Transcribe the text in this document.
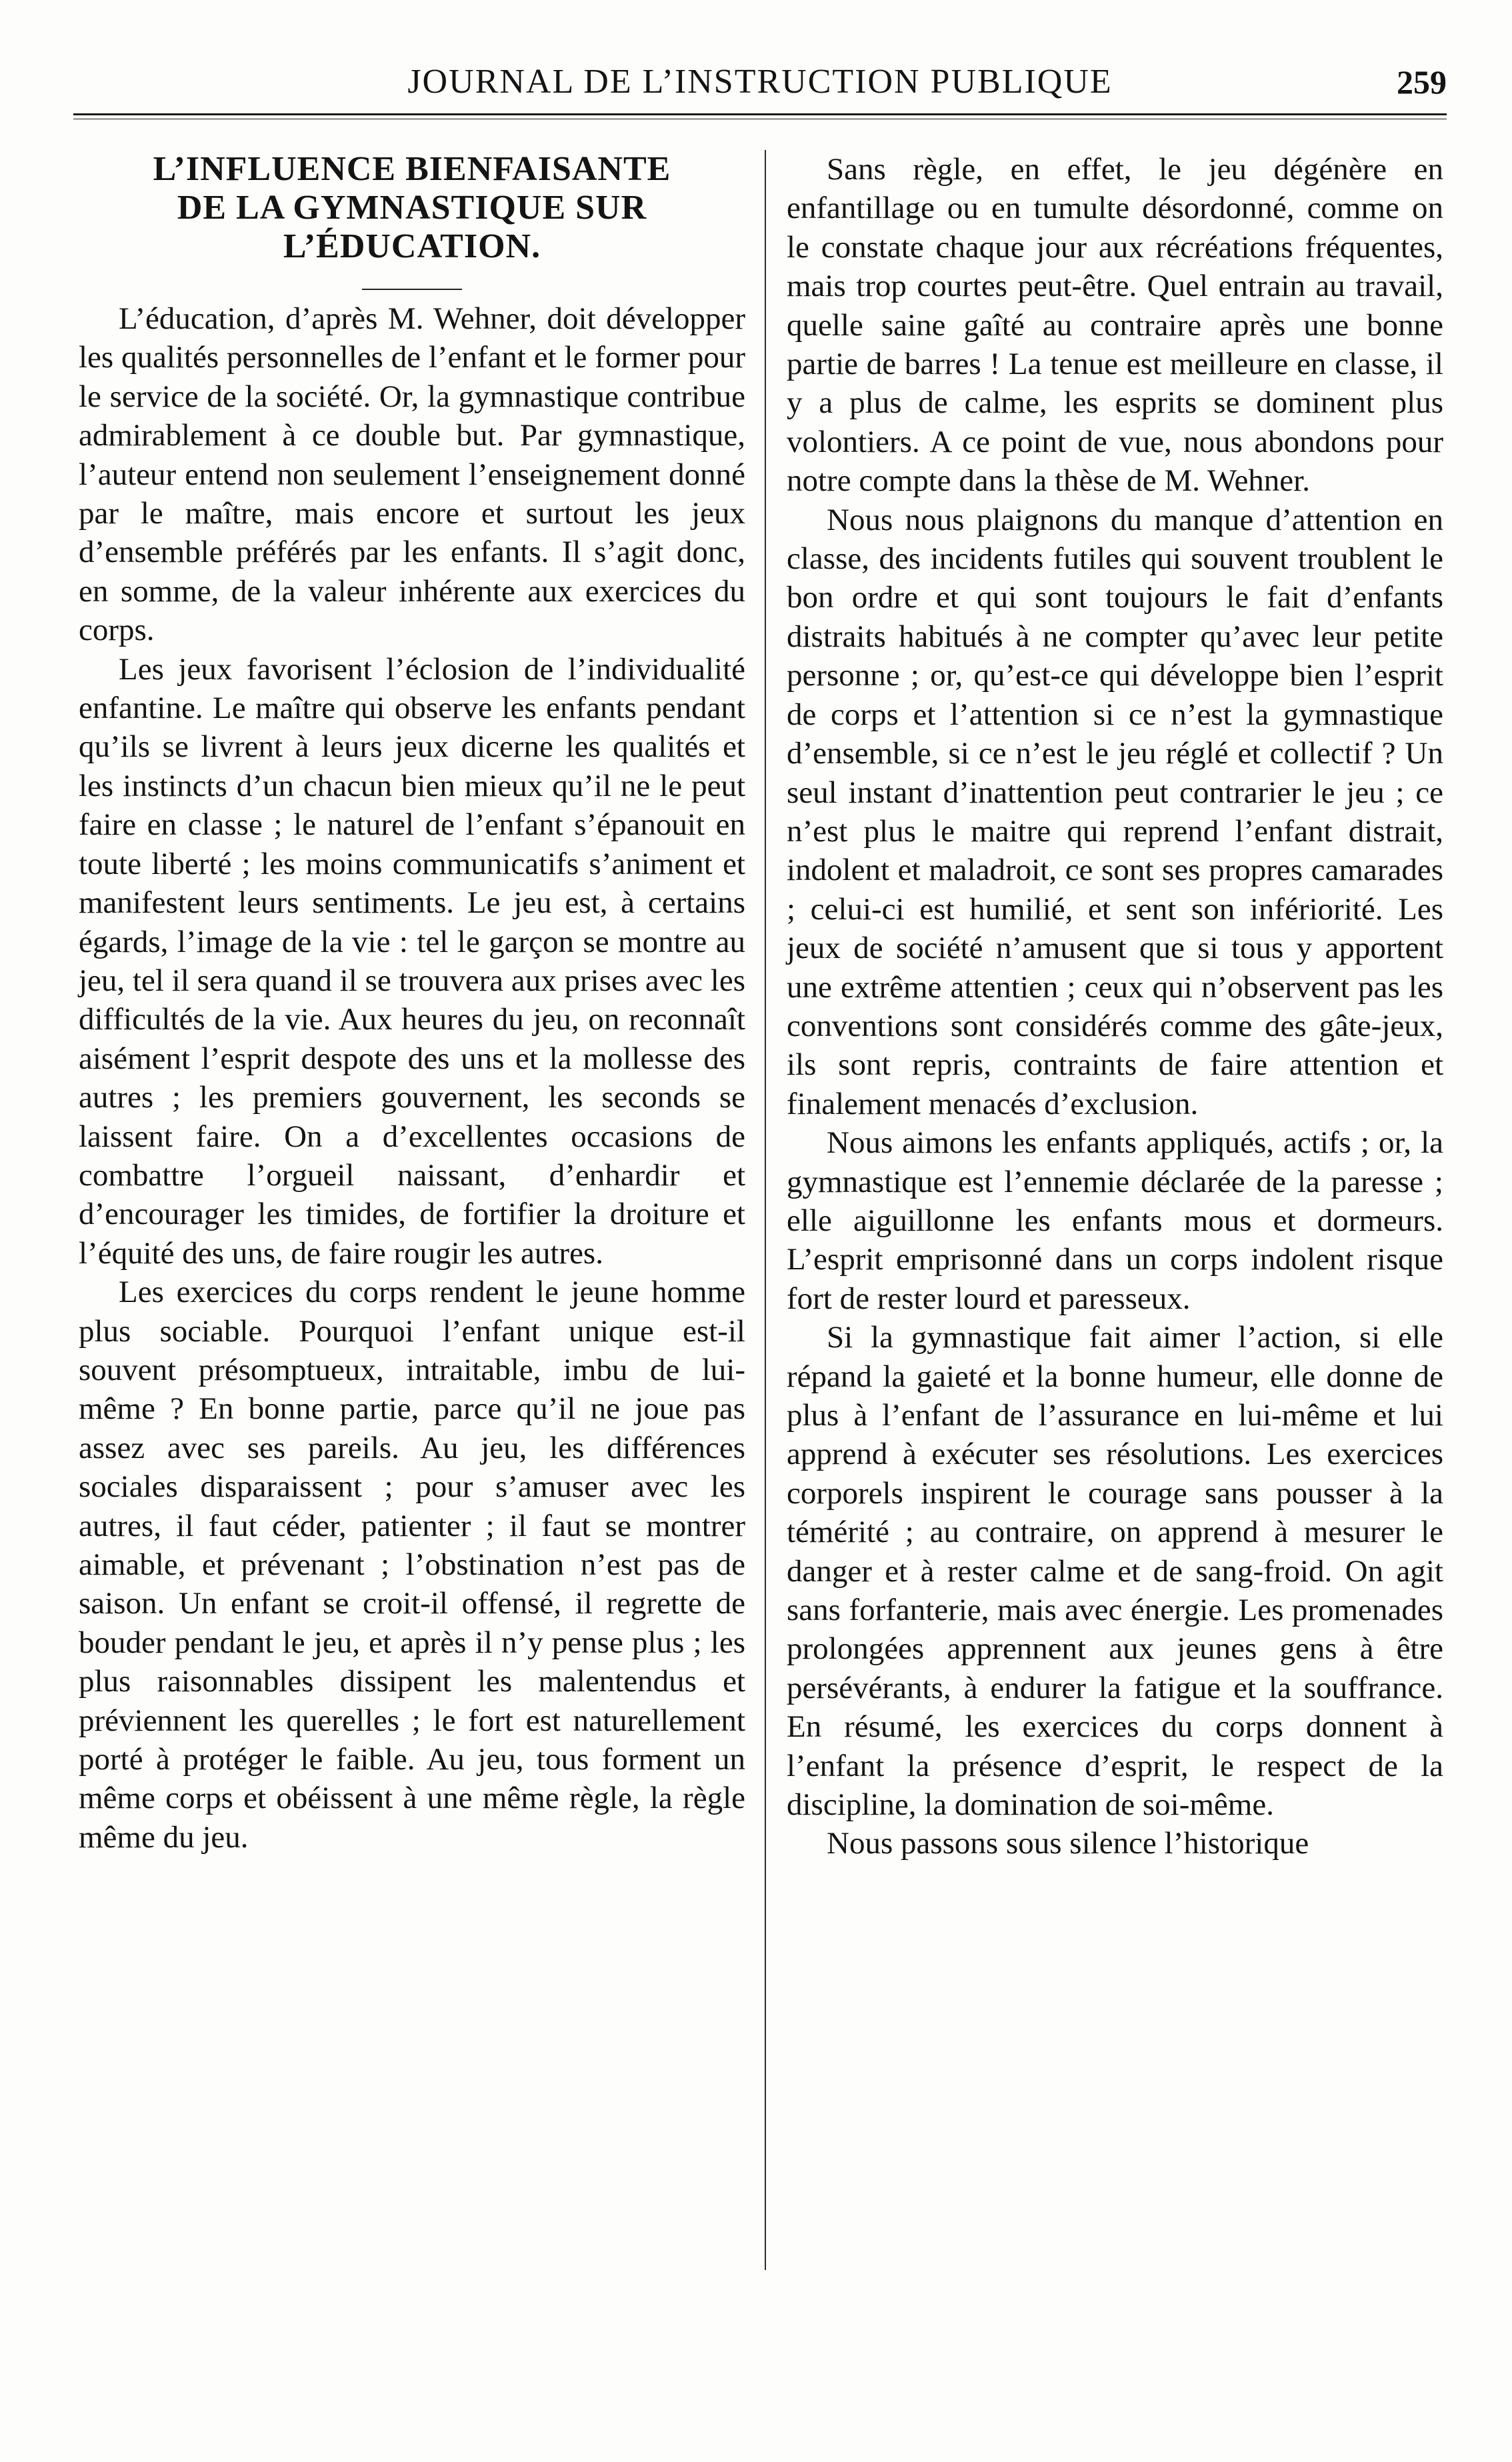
JOURNAL DE L’INSTRUCTION PUBLIQUE	259
L’INFLUENCE BIENFAISANTE
DE LA GYMNASTIQUE SUR
L’ÉDUCATION.

L’éducation, d’après M. Wehner, doit développer les qualités personnelles de l’enfant et le former pour le service de la société. Or, la gymnastique contribue admirablement à ce double but. Par gymnastique, l’auteur entend non seulement l’enseignement donné par le maître, mais encore et surtout les jeux d’ensemble préférés par les enfants. Il s’agit donc, en somme, de la valeur inhérente aux exercices du corps.

Les jeux favorisent l’éclosion de l’individualité enfantine. Le maître qui observe les enfants pendant qu’ils se livrent à leurs jeux dicerne les qualités et les instincts d’un chacun bien mieux qu’il ne le peut faire en classe ; le naturel de l’enfant s’épanouit en toute liberté ; les moins communicatifs s’animent et manifestent leurs sentiments. Le jeu est, à certains égards, l’image de la vie : tel le garçon se montre au jeu, tel il sera quand il se trouvera aux prises avec les difficultés de la vie. Aux heures du jeu, on reconnaît aisément l’esprit despote des uns et la mollesse des autres ; les premiers gouvernent, les seconds se laissent faire. On a d’excellentes occasions de combattre l’orgueil naissant, d’enhardir et d’encourager les timides, de fortifier la droiture et l’équité des uns, de faire rougir les autres.

Les exercices du corps rendent le jeune homme plus sociable. Pourquoi l’enfant unique est-il souvent présomptueux, intraitable, imbu de lui-même ? En bonne partie, parce qu’il ne joue pas assez avec ses pareils. Au jeu, les différences sociales disparaissent ; pour s’amuser avec les autres, il faut céder, patienter ; il faut se montrer aimable, et prévenant ; l’obstination n’est pas de saison. Un enfant se croit-il offensé, il regrette de bouder pendant le jeu, et après il n’y pense plus ; les plus raisonnables dissipent les malentendus et préviennent les querelles ; le fort est naturellement porté à protéger le faible. Au jeu, tous forment un même corps et obéissent à une même règle, la règle même du jeu.

Sans règle, en effet, le jeu dégénère en enfantillage ou en tumulte désordonné, comme on le constate chaque jour aux récréations fréquentes, mais trop courtes peut-être. Quel entrain au travail, quelle saine gaîté au contraire après une bonne partie de barres ! La tenue est meilleure en classe, il y a plus de calme, les esprits se dominent plus volontiers. A ce point de vue, nous abondons pour notre compte dans la thèse de M. Wehner.

Nous nous plaignons du manque d’attention en classe, des incidents futiles qui souvent troublent le bon ordre et qui sont toujours le fait d’enfants distraits habitués à ne compter qu’avec leur petite personne ; or, qu’est-ce qui développe bien l’esprit de corps et l’attention si ce n’est la gymnastique d’ensemble, si ce n’est le jeu réglé et collectif ? Un seul instant d’inattention peut contrarier le jeu ; ce n’est plus le maitre qui reprend l’enfant distrait, indolent et maladroit, ce sont ses propres camarades ; celui-ci est humilié, et sent son infériorité. Les jeux de société n’amusent que si tous y apportent une extrême attentien ; ceux qui n’observent pas les conventions sont considérés comme des gâte-jeux, ils sont repris, contraints de faire attention et finalement menacés d’exclusion.

Nous aimons les enfants appliqués, actifs ; or, la gymnastique est l’ennemie déclarée de la paresse ; elle aiguillonne les enfants mous et dormeurs. L’esprit emprisonné dans un corps indolent risque fort de rester lourd et paresseux.

Si la gymnastique fait aimer l’action, si elle répand la gaieté et la bonne humeur, elle donne de plus à l’enfant de l’assurance en lui-même et lui apprend à exécuter ses résolutions. Les exercices corporels inspirent le courage sans pousser à la témérité ; au contraire, on apprend à mesurer le danger et à rester calme et de sang-froid. On agit sans forfanterie, mais avec énergie. Les promenades prolongées apprennent aux jeunes gens à être persévérants, à endurer la fatigue et la souffrance. En résumé, les exercices du corps donnent à l’enfant la présence d’esprit, le respect de la discipline, la domination de soi-même.

Nous passons sous silence l’historique
